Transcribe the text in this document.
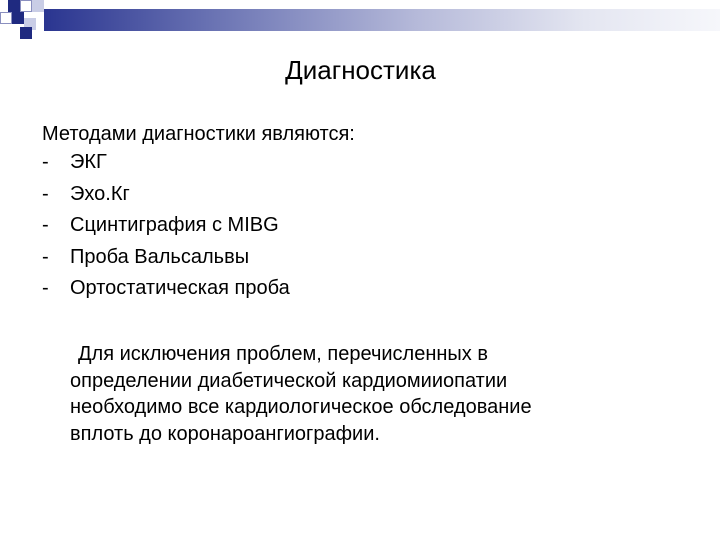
Диагностика
Методами диагностики являются:
-	ЭКГ
-	Эхо.Кг
-	Сцинтиграфия с MIBG
-	Проба Вальсальвы
-	Ортостатическая проба
Для исключения проблем, перечисленных в
определении диабетической кардиомииопатии
необходимо все кардиологическое обследование
вплоть до коронароангиографии.
